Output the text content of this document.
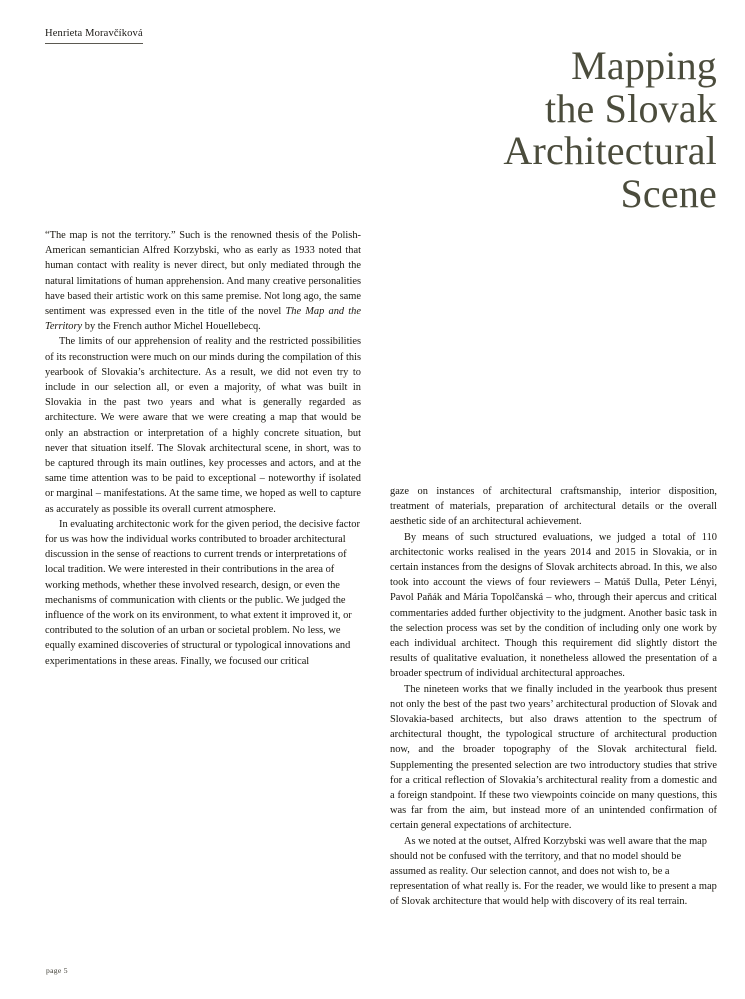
Henrieta Moravčíková
Mapping
the Slovak
Architectural
Scene

“The map is not the territory.” Such is the renowned thesis of the Polish-American semantician Alfred Korzybski, who as early as 1933 noted that human contact with reality is never direct, but only mediated through the natural limitations of human apprehension. And many creative personalities have based their artistic work on this same premise. Not long ago, the same sentiment was expressed even in the title of the novel The Map and the Territory by the French author Michel Houellebecq.

The limits of our apprehension of reality and the restricted possibilities of its reconstruction were much on our minds during the compilation of this yearbook of Slovakia’s architecture. As a result, we did not even try to include in our selection all, or even a majority, of what was built in Slovakia in the past two years and what is generally regarded as architecture. We were aware that we were creating a map that would be only an abstraction or interpretation of a highly concrete situation, but never that situation itself. The Slovak architectural scene, in short, was to be captured through its main outlines, key processes and actors, and at the same time attention was to be paid to exceptional – noteworthy if isolated or marginal – manifestations. At the same time, we hoped as well to capture as accurately as possible its overall current atmosphere.

In evaluating architectonic work for the given period, the decisive factor for us was how the individual works contributed to broader architectural discussion in the sense of reactions to current trends or interpretations of local tradition. We were interested in their contributions in the area of working methods, whether these involved research, design, or even the mechanisms of communication with clients or the public. We judged the influence of the work on its environment, to what extent it improved it, or contributed to the solution of an urban or societal problem. No less, we equally examined discoveries of structural or typological innovations and experimentations in these areas. Finally, we focused our critical

gaze on instances of architectural craftsmanship, interior disposition, treatment of materials, preparation of architectural details or the overall aesthetic side of an architectural achievement.

By means of such structured evaluations, we judged a total of 110 architectonic works realised in the years 2014 and 2015 in Slovakia, or in certain instances from the designs of Slovak architects abroad. In this, we also took into account the views of four reviewers – Matúš Dulla, Peter Lényi, Pavol Paňák and Mária Topolčanská – who, through their apercus and critical commentaries added further objectivity to the judgment. Another basic task in the selection process was set by the condition of including only one work by each individual architect. Though this requirement did slightly distort the results of qualitative evaluation, it nonetheless allowed the presentation of a broader spectrum of individual architectural approaches.

The nineteen works that we finally included in the yearbook thus present not only the best of the past two years’ architectural production of Slovak and Slovakia-based architects, but also draws attention to the spectrum of architectural thought, the typological structure of architectural production now, and the broader topography of the Slovak architectural field. Supplementing the presented selection are two introductory studies that strive for a critical reflection of Slovakia’s architectural reality from a domestic and a foreign standpoint. If these two viewpoints coincide on many questions, this was far from the aim, but instead more of an unintended confirmation of certain general expectations of architecture.

As we noted at the outset, Alfred Korzybski was well aware that the map should not be confused with the territory, and that no model should be assumed as reality. Our selection cannot, and does not wish to, be a representation of what really is. For the reader, we would like to present a map of Slovak architecture that would help with discovery of its real terrain.

page 5
